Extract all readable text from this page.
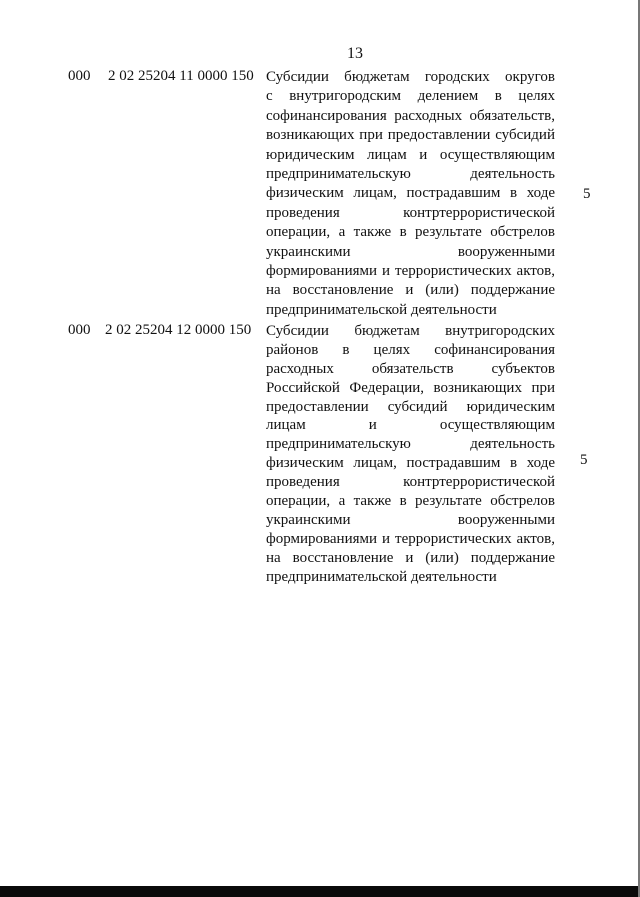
13
000 2 02 25204 11 0000 150 Субсидии бюджетам городских округов
с внутригородским делением в целях
софинансирования расходных обязательств,
возникающих при предоставлении субсидий
юридическим лицам и осуществляющим
предпринимательскую деятельность
физическим лицам, пострадавшим в ходе
проведения контртеррористической
операции, а также в результате обстрелов
украинскими вооруженными
формированиями и террористических актов,
на восстановление и (или) поддержание
предпринимательской деятельности
5
000 2 02 25204 12 0000 150 Субсидии бюджетам внутригородских
районов в целях софинансирования
расходных обязательств субъектов
Российской Федерации, возникающих при
предоставлении субсидий юридическим
лицам и осуществляющим
предпринимательскую деятельность
физическим лицам, пострадавшим в ходе
проведения контртеррористической
операции, а также в результате обстрелов
украинскими вооруженными
формированиями и террористических актов,
на восстановление и (или) поддержание
предпринимательской деятельности
5
